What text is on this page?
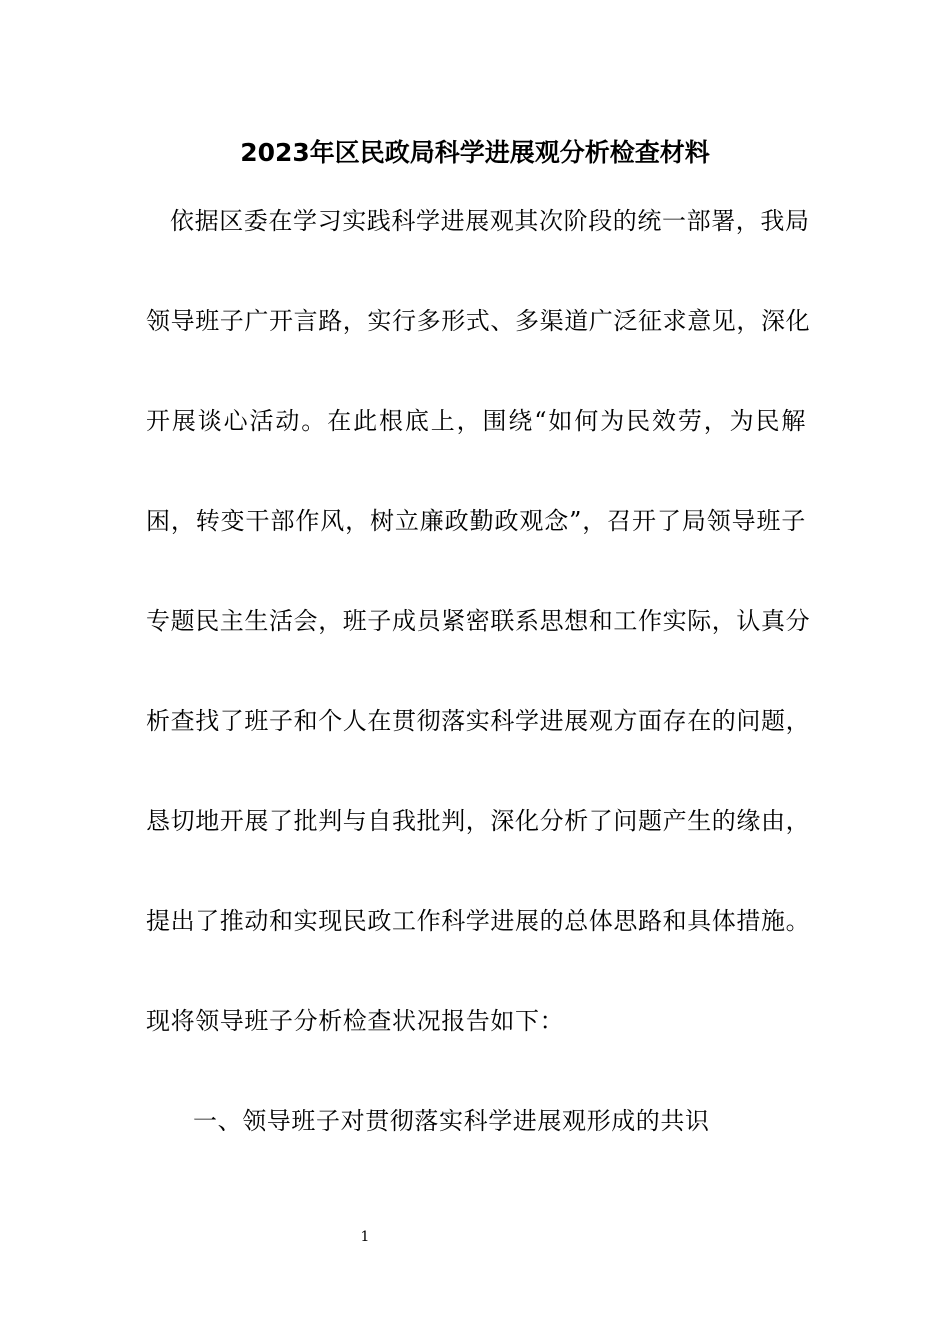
2023年区民政局科学进展观分析检查材料
依据区委在学习实践科学进展观其次阶段的统一部署，我局
领导班子广开言路，实行多形式、多渠道广泛征求意见，深化
开展谈心活动。在此根底上，围绕“如何为民效劳，为民解
困，转变干部作风，树立廉政勤政观念”，召开了局领导班子
专题民主生活会，班子成员紧密联系思想和工作实际，认真分
析查找了班子和个人在贯彻落实科学进展观方面存在的问题，
恳切地开展了批判与自我批判，深化分析了问题产生的缘由，
提出了推动和实现民政工作科学进展的总体思路和具体措施。
现将领导班子分析检查状况报告如下：
一、领导班子对贯彻落实科学进展观形成的共识
1
